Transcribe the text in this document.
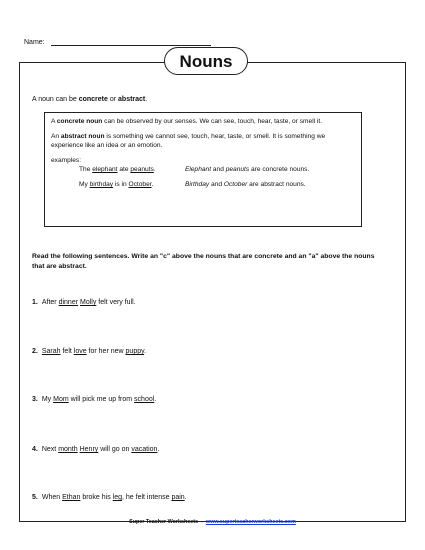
Name:
Nouns
A noun can be concrete or abstract.

A concrete noun can be observed by our senses. We can see, touch, hear, taste, or smell it.

An abstract noun is something we cannot see, touch, hear, taste, or smell. It is something we experience like an idea or an emotion.

examples:
The elephant ate peanuts.	Elephant and peanuts are concrete nouns.
My birthday is in October.	Birthday and October are abstract nouns.
Read the following sentences. Write an "c" above the nouns that are concrete and an "a" above the nouns that are abstract.
1. After dinner Molly felt very full.
2. Sarah felt love for her new puppy.
3. My Mom will pick me up from school.
4. Next month Henry will go on vacation.
5. When Ethan broke his leg, he felt intense pain.
Super Teacher Worksheets  -  www.superteacherworksheets.com
